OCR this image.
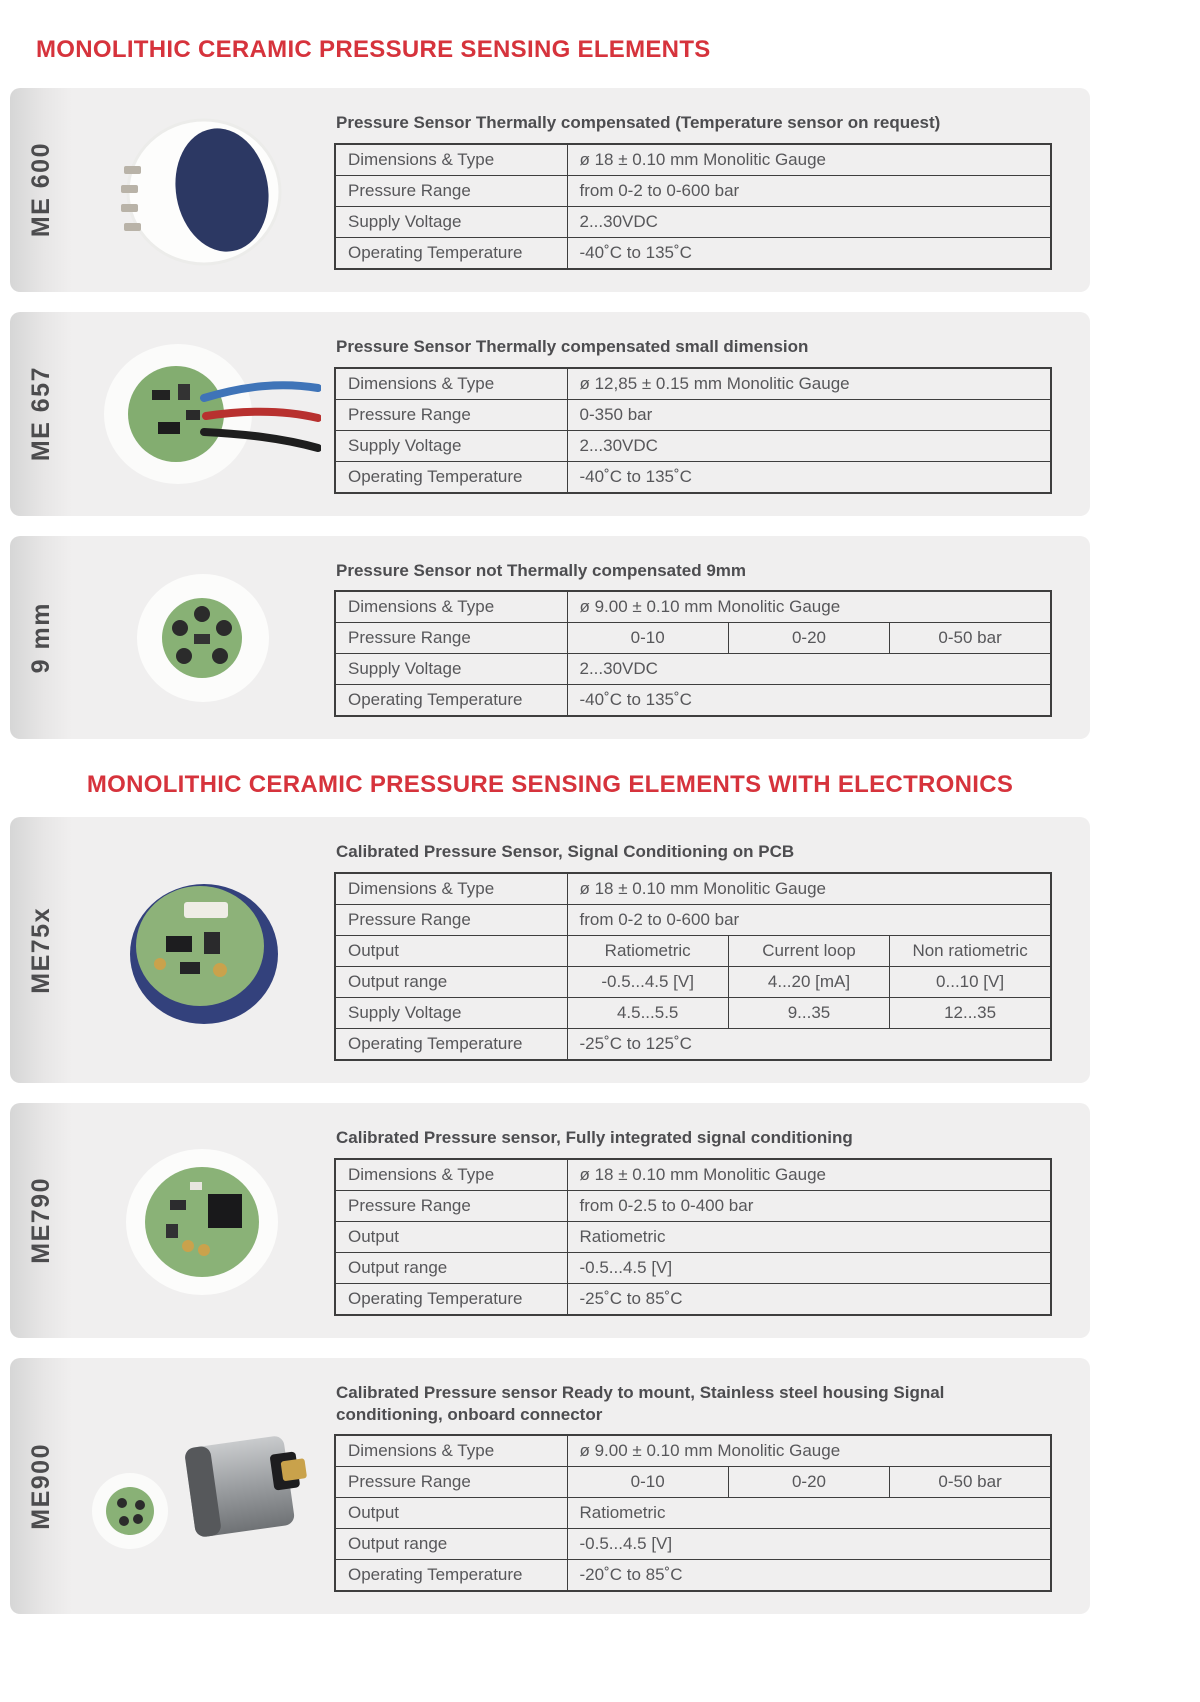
MONOLITHIC CERAMIC PRESSURE SENSING ELEMENTS
ME 600
Pressure Sensor Thermally compensated (Temperature sensor on request)
Dimensions & Type	ø 18 ± 0.10 mm Monolitic Gauge
Pressure Range	from 0-2 to 0-600 bar
Supply Voltage	2...30VDC
Operating Temperature	-40˚C to 135˚C
ME 657
Pressure Sensor Thermally compensated small dimension
Dimensions & Type	ø 12,85 ± 0.15 mm Monolitic Gauge
Pressure Range	0-350 bar
Supply Voltage	2...30VDC
Operating Temperature	-40˚C to 135˚C
9 mm
Pressure Sensor not Thermally compensated 9mm
Dimensions & Type	ø 9.00 ± 0.10 mm Monolitic Gauge		
Pressure Range	0-10	0-20	0-50 bar
Supply Voltage	2...30VDC		
Operating Temperature	-40˚C to 135˚C		
MONOLITHIC CERAMIC PRESSURE SENSING ELEMENTS WITH ELECTRONICS
ME75x
Calibrated Pressure Sensor, Signal Conditioning on PCB
Dimensions & Type	ø 18 ± 0.10 mm Monolitic Gauge		
Pressure Range	from 0-2 to 0-600 bar		
Output	Ratiometric	Current loop	Non ratiometric
Output range	-0.5...4.5 [V]	4...20 [mA]	0...10 [V]
Supply Voltage	4.5...5.5	9...35	12...35
Operating Temperature	-25˚C to 125˚C		
ME790
Calibrated Pressure sensor, Fully integrated signal conditioning
Dimensions & Type	ø 18 ± 0.10 mm Monolitic Gauge
Pressure Range	from 0-2.5 to 0-400 bar
Output	Ratiometric
Output range	-0.5...4.5 [V]
Operating Temperature	-25˚C to 85˚C
ME900
Calibrated Pressure sensor Ready to mount, Stainless steel housing Signal conditioning, onboard connector
Dimensions & Type	ø 9.00 ± 0.10 mm Monolitic Gauge		
Pressure Range	0-10	0-20	0-50 bar
Output	Ratiometric		
Output range	-0.5...4.5 [V]		
Operating Temperature	-20˚C to 85˚C		
